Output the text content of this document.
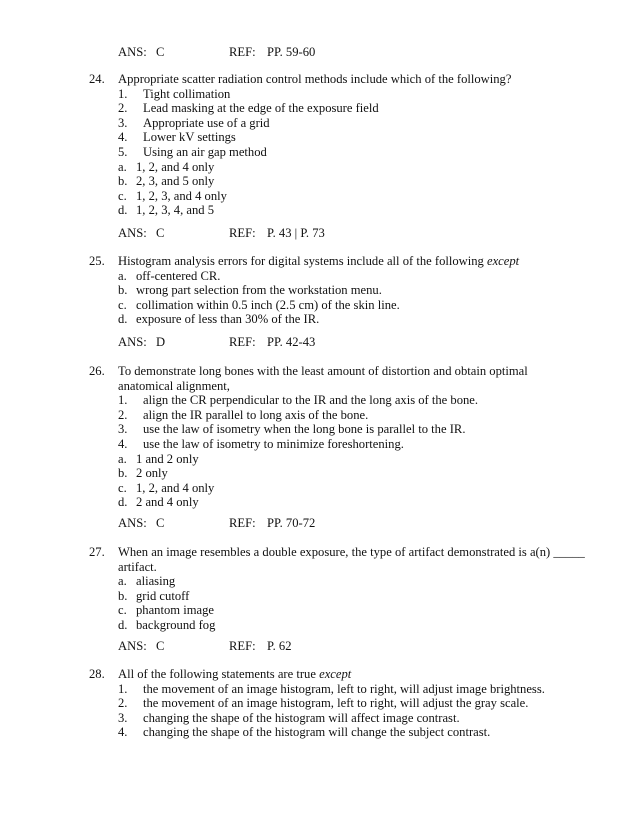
ANS: C	REF: PP. 59-60
24. Appropriate scatter radiation control methods include which of the following?
1. Tight collimation
2. Lead masking at the edge of the exposure field
3. Appropriate use of a grid
4. Lower kV settings
5. Using an air gap method
a. 1, 2, and 4 only
b. 2, 3, and 5 only
c. 1, 2, 3, and 4 only
d. 1, 2, 3, 4, and 5
ANS: C	REF: P. 43 | P. 73
25. Histogram analysis errors for digital systems include all of the following except
a. off-centered CR.
b. wrong part selection from the workstation menu.
c. collimation within 0.5 inch (2.5 cm) of the skin line.
d. exposure of less than 30% of the IR.
ANS: D	REF: PP. 42-43
26. To demonstrate long bones with the least amount of distortion and obtain optimal
anatomical alignment,
1. align the CR perpendicular to the IR and the long axis of the bone.
2. align the IR parallel to long axis of the bone.
3. use the law of isometry when the long bone is parallel to the IR.
4. use the law of isometry to minimize foreshortening.
a. 1 and 2 only
b. 2 only
c. 1, 2, and 4 only
d. 2 and 4 only
ANS: C	REF: PP. 70-72
27. When an image resembles a double exposure, the type of artifact demonstrated is a(n) _____
artifact.
a. aliasing
b. grid cutoff
c. phantom image
d. background fog
ANS: C	REF: P. 62
28. All of the following statements are true except
1. the movement of an image histogram, left to right, will adjust image brightness.
2. the movement of an image histogram, left to right, will adjust the gray scale.
3. changing the shape of the histogram will affect image contrast.
4. changing the shape of the histogram will change the subject contrast.
